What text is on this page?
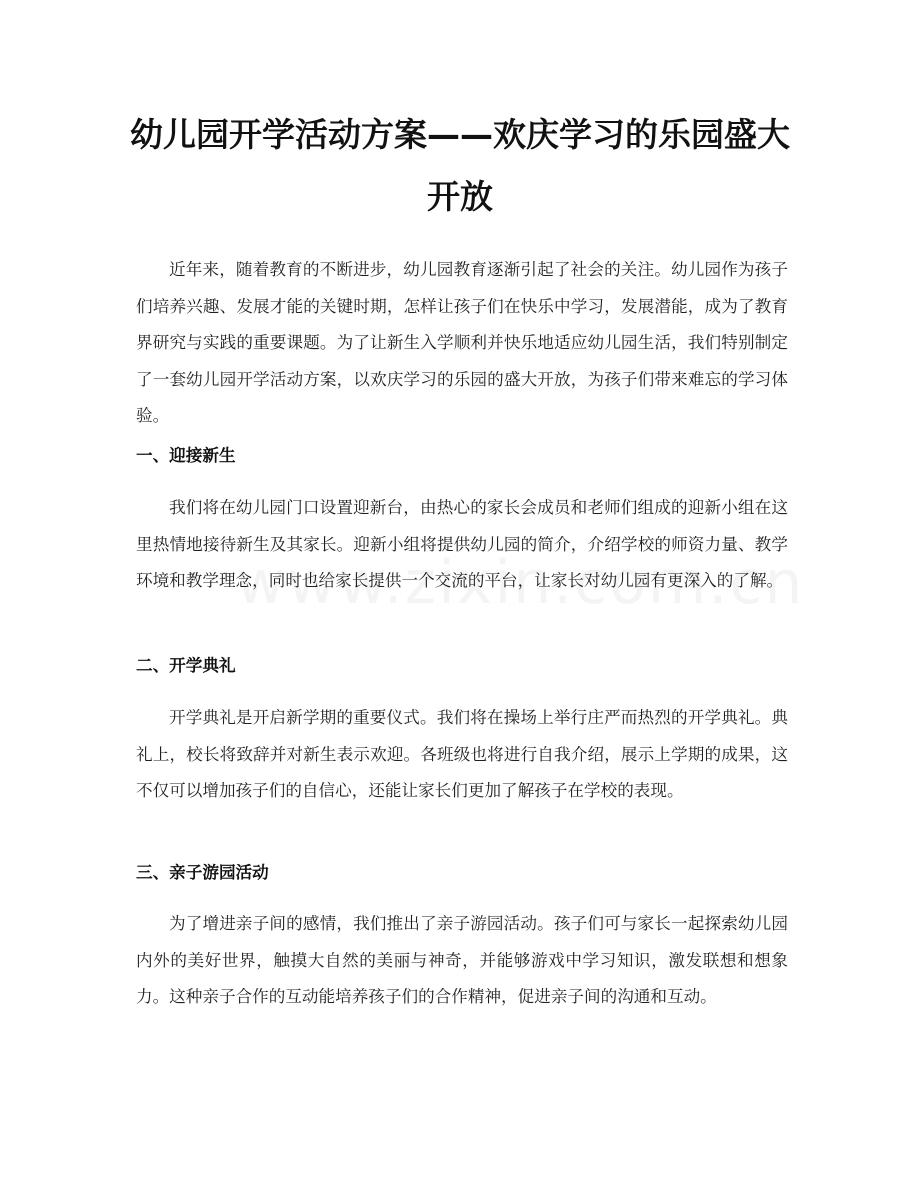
幼儿园开学活动方案——欢庆学习的乐园盛大开放

近年来，随着教育的不断进步，幼儿园教育逐渐引起了社会的关注。幼儿园作为孩子们培养兴趣、发展才能的关键时期，怎样让孩子们在快乐中学习，发展潜能，成为了教育界研究与实践的重要课题。为了让新生入学顺利并快乐地适应幼儿园生活，我们特别制定了一套幼儿园开学活动方案，以欢庆学习的乐园的盛大开放，为孩子们带来难忘的学习体验。

一、迎接新生

我们将在幼儿园门口设置迎新台，由热心的家长会成员和老师们组成的迎新小组在这里热情地接待新生及其家长。迎新小组将提供幼儿园的简介，介绍学校的师资力量、教学环境和教学理念，同时也给家长提供一个交流的平台，让家长对幼儿园有更深入的了解。

二、开学典礼

开学典礼是开启新学期的重要仪式。我们将在操场上举行庄严而热烈的开学典礼。典礼上，校长将致辞并对新生表示欢迎。各班级也将进行自我介绍，展示上学期的成果，这不仅可以增加孩子们的自信心，还能让家长们更加了解孩子在学校的表现。

三、亲子游园活动

为了增进亲子间的感情，我们推出了亲子游园活动。孩子们可与家长一起探索幼儿园内外的美好世界，触摸大自然的美丽与神奇，并能够游戏中学习知识，激发联想和想象力。这种亲子合作的互动能培养孩子们的合作精神，促进亲子间的沟通和互动。
